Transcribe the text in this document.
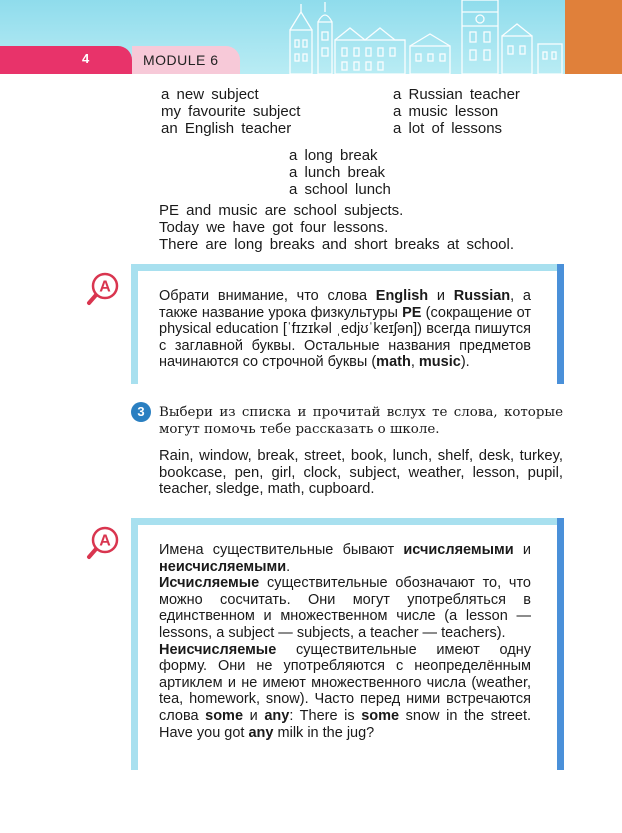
4	MODULE 6
a new subject
my favourite subject
an English teacher
a Russian teacher
a music lesson
a lot of lessons
a long break
a lunch break
a school lunch
PE and music are school subjects.
Today we have got four lessons.
There are long breaks and short breaks at school.
A

Обрати внимание, что слова English и Russian, а также название урока физкультуры PE (сокращение от physical education [ˈfɪzɪkəl ˌedjʊˈkeɪʃən]) всегда пишутся с заглавной буквы. Остальные названия предметов начинаются со строчной буквы (math, music).

3	Выбери из списка и прочитай вслух те слова, которые могут помочь тебе рассказать о школе.
Rain, window, break, street, book, lunch, shelf, desk, turkey, bookcase, pen, girl, clock, subject, weather, lesson, pupil, teacher, sledge, math, cupboard.
A

Имена существительные бывают исчисляемыми и неисчисляемыми.

Исчисляемые существительные обозначают то, что можно сосчитать. Они могут употребляться в единственном и множественном числе (a lesson — lessons, a subject — subjects, a teacher — teachers).

Неисчисляемые существительные имеют одну форму. Они не употребляются с неопределённым артиклем и не имеют множественного числа (weather, tea, homework, snow). Часто перед ними встречаются слова some и any: There is some snow in the street. Have you got any milk in the jug?
